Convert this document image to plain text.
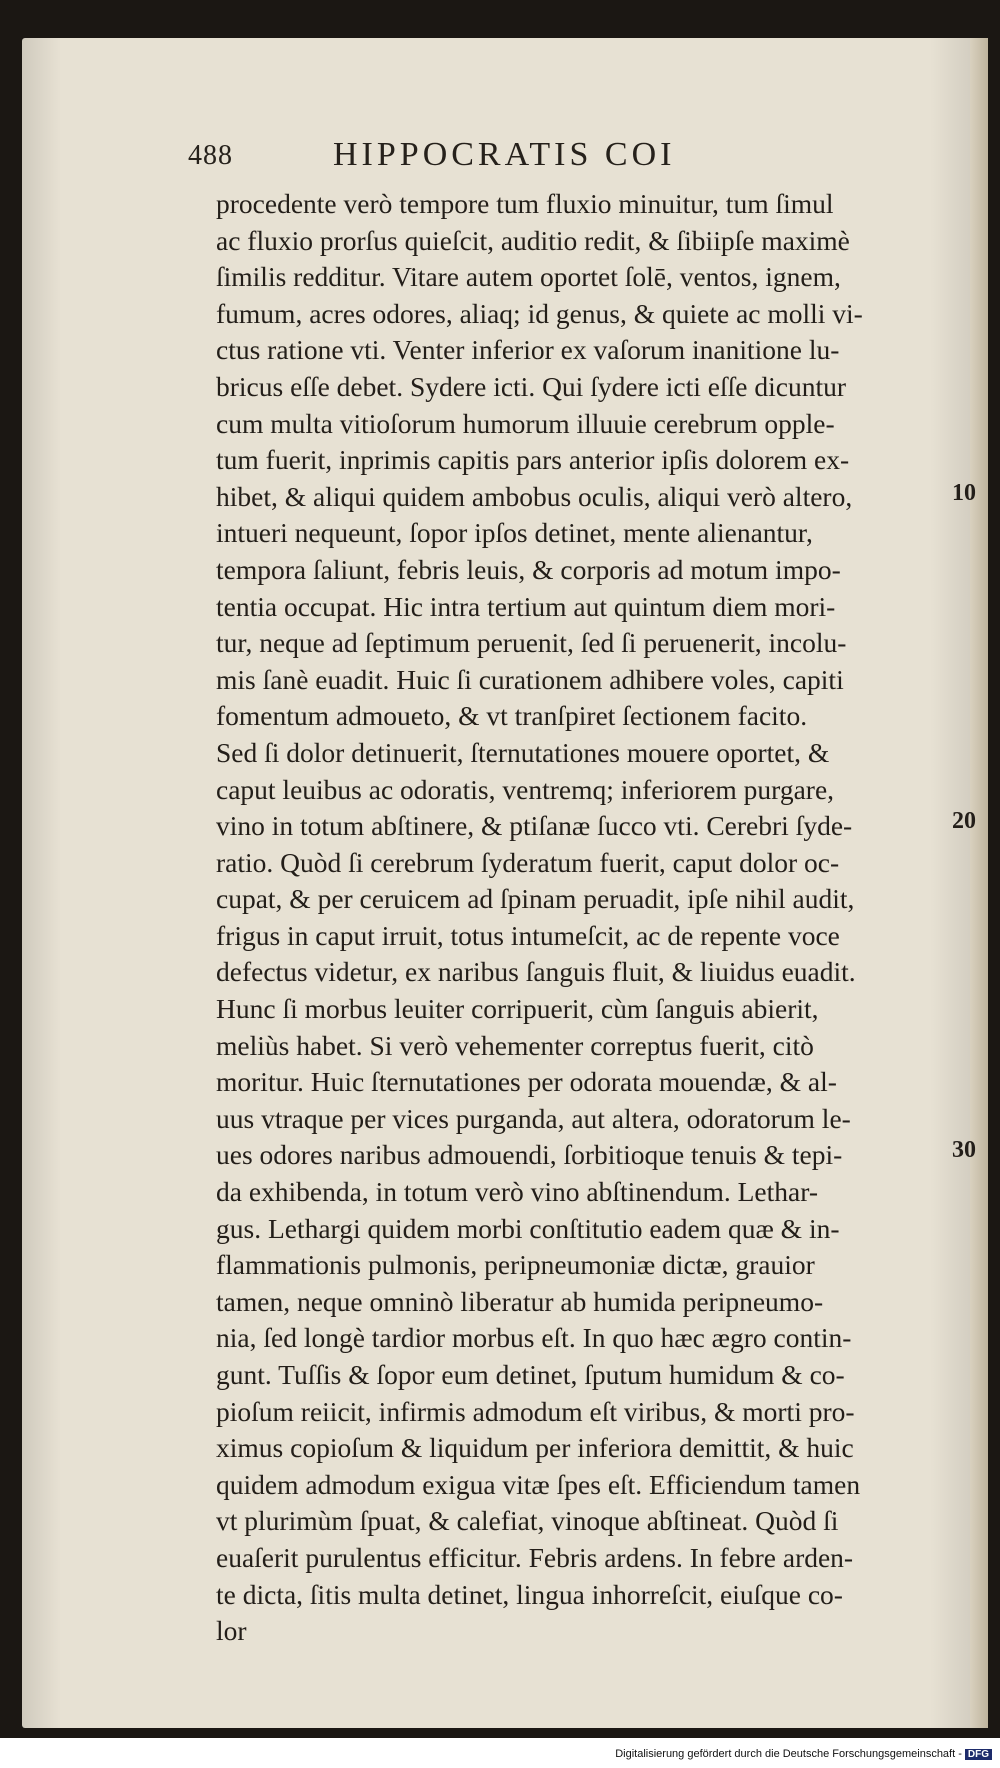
488	HIPPOCRATIS COI
procedente verò tempore tum fluxio minuitur, tum ſimul
ac fluxio prorſus quieſcit, auditio redit, & ſibiipſe maximè
ſimilis redditur. Vitare autem oportet ſolē, ventos, ignem,
fumum, acres odores, aliaq; id genus, & quiete ac molli vi-
ctus ratione vti. Venter inferior ex vaſorum inanitione lu-
bricus eſſe debet. Sydere icti. Qui ſydere icti eſſe dicuntur
cum multa vitioſorum humorum illuuie cerebrum opple-
tum fuerit, inprimis capitis pars anterior ipſis dolorem ex-
hibet, & aliqui quidem ambobus oculis, aliqui verò altero,
intueri nequeunt, ſopor ipſos detinet, mente alienantur,
tempora ſaliunt, febris leuis, & corporis ad motum impo-
tentia occupat. Hic intra tertium aut quintum diem mori-
tur, neque ad ſeptimum peruenit, ſed ſi peruenerit, incolu-
mis ſanè euadit. Huic ſi curationem adhibere voles, capiti
fomentum admoueto, & vt tranſpiret ſectionem facito.
Sed ſi dolor detinuerit, ſternutationes mouere oportet, &
caput leuibus ac odoratis, ventremq; inferiorem purgare,
vino in totum abſtinere, & ptiſanæ ſucco vti. Cerebri ſyde-
ratio. Quòd ſi cerebrum ſyderatum fuerit, caput dolor oc-
cupat, & per ceruicem ad ſpinam peruadit, ipſe nihil audit,
frigus in caput irruit, totus intumeſcit, ac de repente voce
defectus videtur, ex naribus ſanguis fluit, & liuidus euadit.
Hunc ſi morbus leuiter corripuerit, cùm ſanguis abierit,
meliùs habet. Si verò vehementer correptus fuerit, citò
moritur. Huic ſternutationes per odorata mouendæ, & al-
uus vtraque per vices purganda, aut altera, odoratorum le-
ues odores naribus admouendi, ſorbitioque tenuis & tepi-
da exhibenda, in totum verò vino abſtinendum. Lethar-
gus. Lethargi quidem morbi conſtitutio eadem quæ & in-
flammationis pulmonis, peripneumoniæ dictæ, grauior
tamen, neque omninò liberatur ab humida peripneumo-
nia, ſed longè tardior morbus eſt. In quo hæc ægro contin-
gunt. Tuſſis & ſopor eum detinet, ſputum humidum & co-
pioſum reiicit, infirmis admodum eſt viribus, & morti pro-
ximus copioſum & liquidum per inferiora demittit, & huic
quidem admodum exigua vitæ ſpes eſt. Efficiendum tamen
vt plurimùm ſpuat, & calefiat, vinoque abſtineat. Quòd ſi
euaſerit purulentus efficitur. Febris ardens. In febre arden-
te dicta, ſitis multa detinet, lingua inhorreſcit, eiuſque co-
lor
10
20
30
Digitalisierung gefördert durch die Deutsche Forschungsgemeinschaft - DFG
